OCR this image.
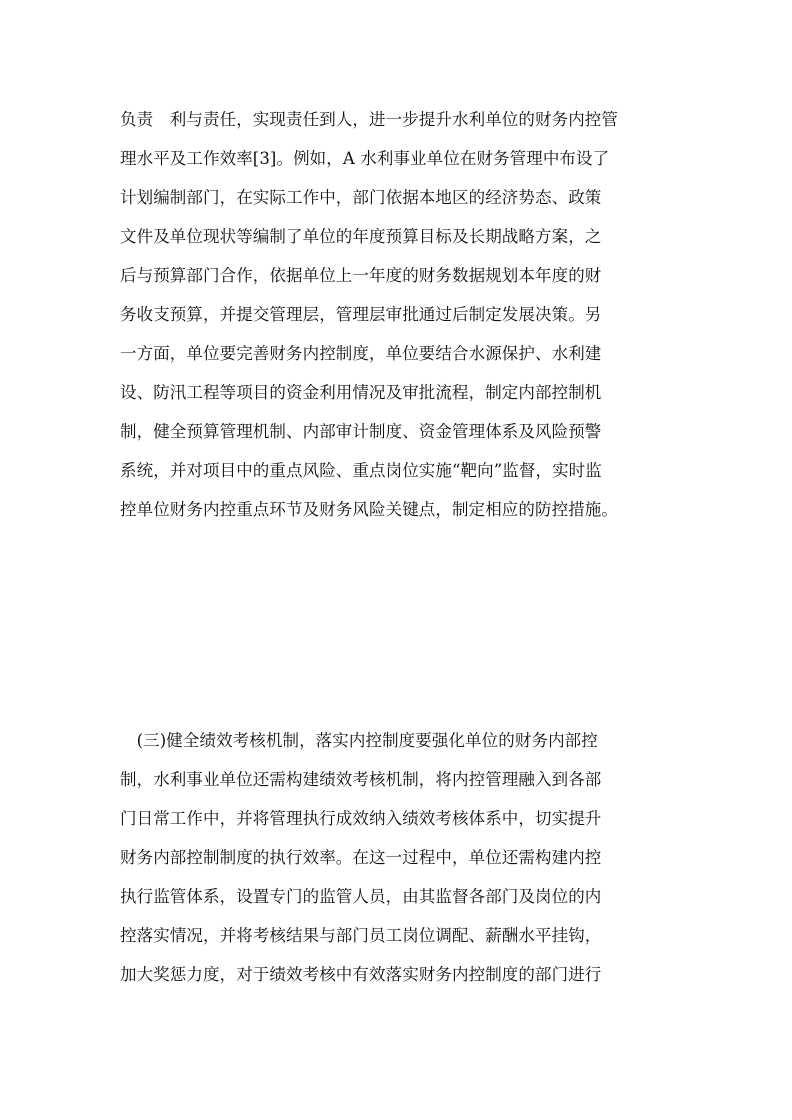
负责　利与责任，实现责任到人，进一步提升水利单位的财务内控管
理水平及工作效率[3]。例如，A 水利事业单位在财务管理中布设了
计划编制部门，在实际工作中，部门依据本地区的经济势态、政策
文件及单位现状等编制了单位的年度预算目标及长期战略方案，之
后与预算部门合作，依据单位上一年度的财务数据规划本年度的财
务收支预算，并提交管理层，管理层审批通过后制定发展决策。另
一方面，单位要完善财务内控制度，单位要结合水源保护、水利建
设、防汛工程等项目的资金利用情况及审批流程，制定内部控制机
制，健全预算管理机制、内部审计制度、资金管理体系及风险预警
系统，并对项目中的重点风险、重点岗位实施“靶向”监督，实时监
控单位财务内控重点环节及财务风险关键点，制定相应的防控措施。
　(三)健全绩效考核机制，落实内控制度要强化单位的财务内部控
制，水利事业单位还需构建绩效考核机制，将内控管理融入到各部
门日常工作中，并将管理执行成效纳入绩效考核体系中，切实提升
财务内部控制制度的执行效率。在这一过程中，单位还需构建内控
执行监管体系，设置专门的监管人员，由其监督各部门及岗位的内
控落实情况，并将考核结果与部门员工岗位调配、薪酬水平挂钩，
加大奖惩力度，对于绩效考核中有效落实财务内控制度的部门进行
